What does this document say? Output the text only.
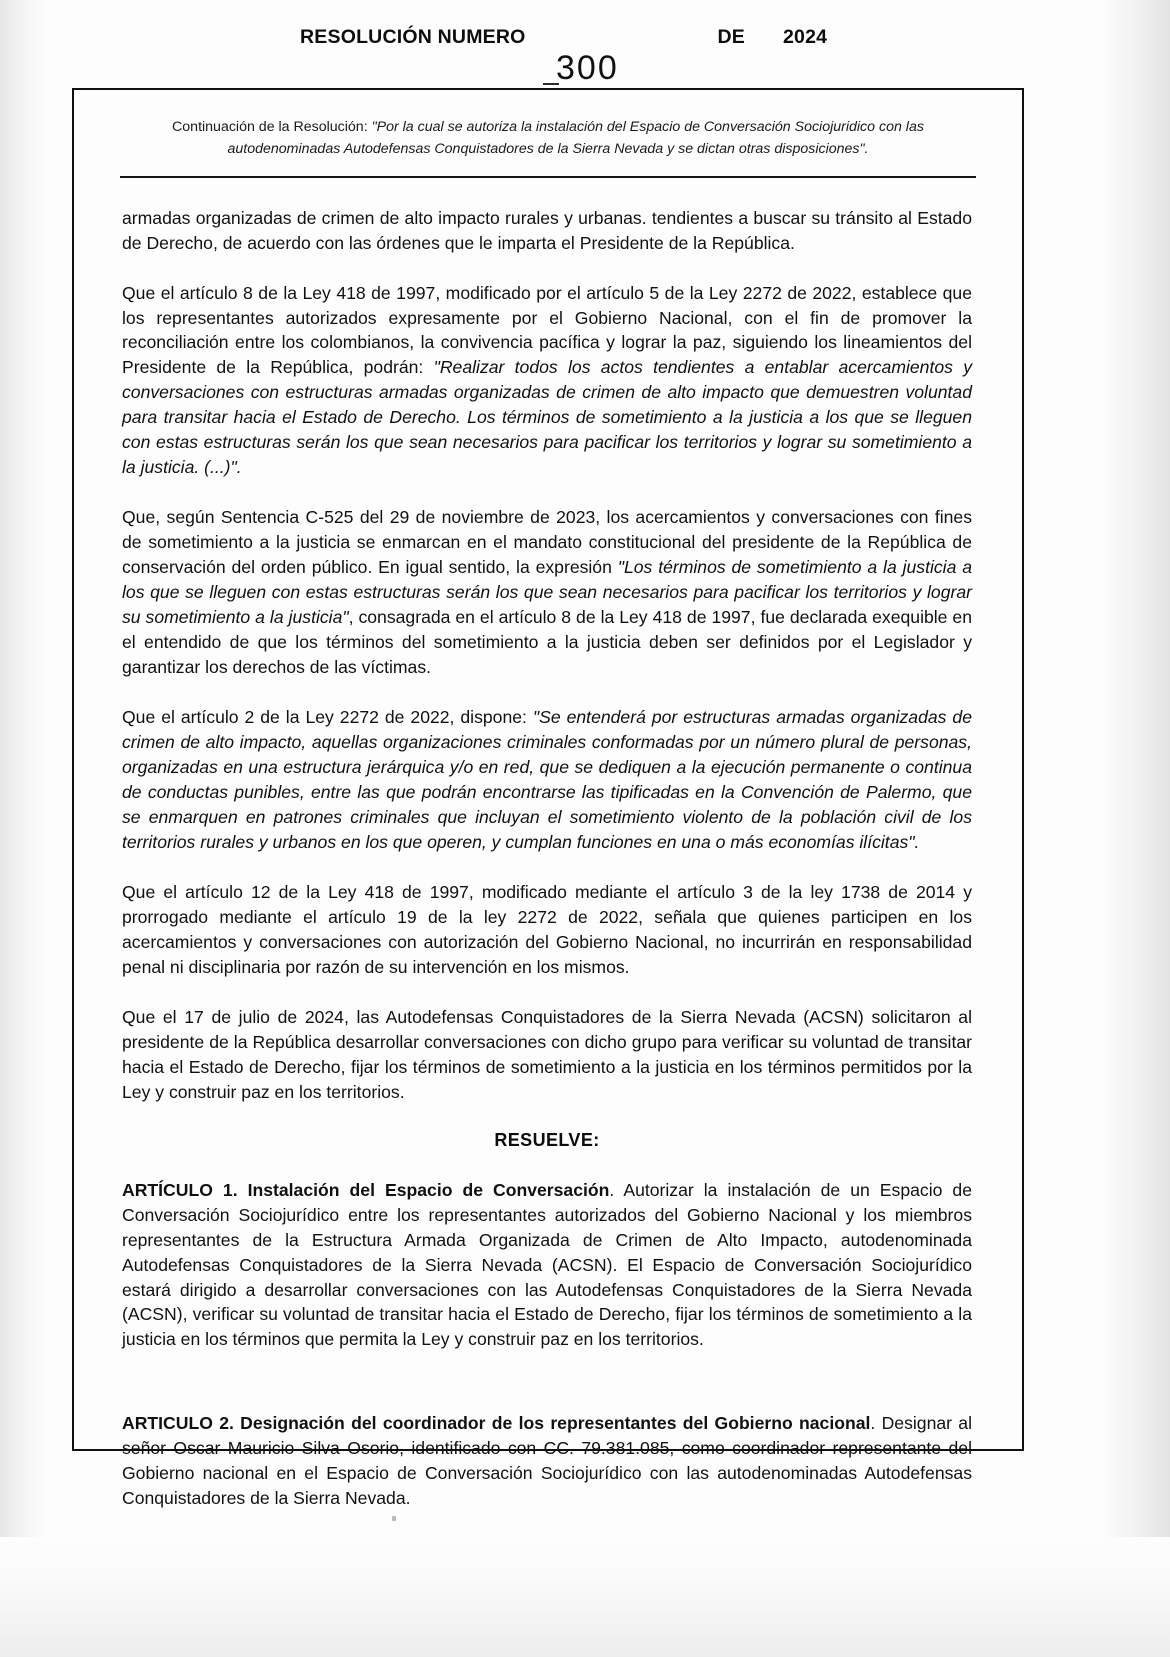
RESOLUCIÓN NUMERO	DE 2024
300
Continuación de la Resolución: "Por la cual se autoriza la instalación del Espacio de Conversación Sociojuridico con las autodenominadas Autodefensas Conquistadores de la Sierra Nevada y se dictan otras disposiciones".

armadas organizadas de crimen de alto impacto rurales y urbanas. tendientes a buscar su tránsito al Estado de Derecho, de acuerdo con las órdenes que le imparta el Presidente de la República.

Que el artículo 8 de la Ley 418 de 1997, modificado por el artículo 5 de la Ley 2272 de 2022, establece que los representantes autorizados expresamente por el Gobierno Nacional, con el fin de promover la reconciliación entre los colombianos, la convivencia pacífica y lograr la paz, siguiendo los lineamientos del Presidente de la República, podrán: "Realizar todos los actos tendientes a entablar acercamientos y conversaciones con estructuras armadas organizadas de crimen de alto impacto que demuestren voluntad para transitar hacia el Estado de Derecho. Los términos de sometimiento a la justicia a los que se lleguen con estas estructuras serán los que sean necesarios para pacificar los territorios y lograr su sometimiento a la justicia. (...)".

Que, según Sentencia C-525 del 29 de noviembre de 2023, los acercamientos y conversaciones con fines de sometimiento a la justicia se enmarcan en el mandato constitucional del presidente de la República de conservación del orden público. En igual sentido, la expresión "Los términos de sometimiento a la justicia a los que se lleguen con estas estructuras serán los que sean necesarios para pacificar los territorios y lograr su sometimiento a la justicia", consagrada en el artículo 8 de la Ley 418 de 1997, fue declarada exequible en el entendido de que los términos del sometimiento a la justicia deben ser definidos por el Legislador y garantizar los derechos de las víctimas.

Que el artículo 2 de la Ley 2272 de 2022, dispone: "Se entenderá por estructuras armadas organizadas de crimen de alto impacto, aquellas organizaciones criminales conformadas por un número plural de personas, organizadas en una estructura jerárquica y/o en red, que se dediquen a la ejecución permanente o continua de conductas punibles, entre las que podrán encontrarse las tipificadas en la Convención de Palermo, que se enmarquen en patrones criminales que incluyan el sometimiento violento de la población civil de los territorios rurales y urbanos en los que operen, y cumplan funciones en una o más economías ilícitas".

Que el artículo 12 de la Ley 418 de 1997, modificado mediante el artículo 3 de la ley 1738 de 2014 y prorrogado mediante el artículo 19 de la ley 2272 de 2022, señala que quienes participen en los acercamientos y conversaciones con autorización del Gobierno Nacional, no incurrirán en responsabilidad penal ni disciplinaria por razón de su intervención en los mismos.

Que el 17 de julio de 2024, las Autodefensas Conquistadores de la Sierra Nevada (ACSN) solicitaron al presidente de la República desarrollar conversaciones con dicho grupo para verificar su voluntad de transitar hacia el Estado de Derecho, fijar los términos de sometimiento a la justicia en los términos permitidos por la Ley y construir paz en los territorios.

RESUELVE:

ARTÍCULO 1. Instalación del Espacio de Conversación. Autorizar la instalación de un Espacio de Conversación Sociojurídico entre los representantes autorizados del Gobierno Nacional y los miembros representantes de la Estructura Armada Organizada de Crimen de Alto Impacto, autodenominada Autodefensas Conquistadores de la Sierra Nevada (ACSN). El Espacio de Conversación Sociojurídico estará dirigido a desarrollar conversaciones con las Autodefensas Conquistadores de la Sierra Nevada (ACSN), verificar su voluntad de transitar hacia el Estado de Derecho, fijar los términos de sometimiento a la justicia en los términos que permita la Ley y construir paz en los territorios.

ARTICULO 2. Designación del coordinador de los representantes del Gobierno nacional. Designar al señor Oscar Mauricio Silva Osorio, identificado con CC. 79.381.085, como coordinador representante del Gobierno nacional en el Espacio de Conversación Sociojurídico con las autodenominadas Autodefensas Conquistadores de la Sierra Nevada.
